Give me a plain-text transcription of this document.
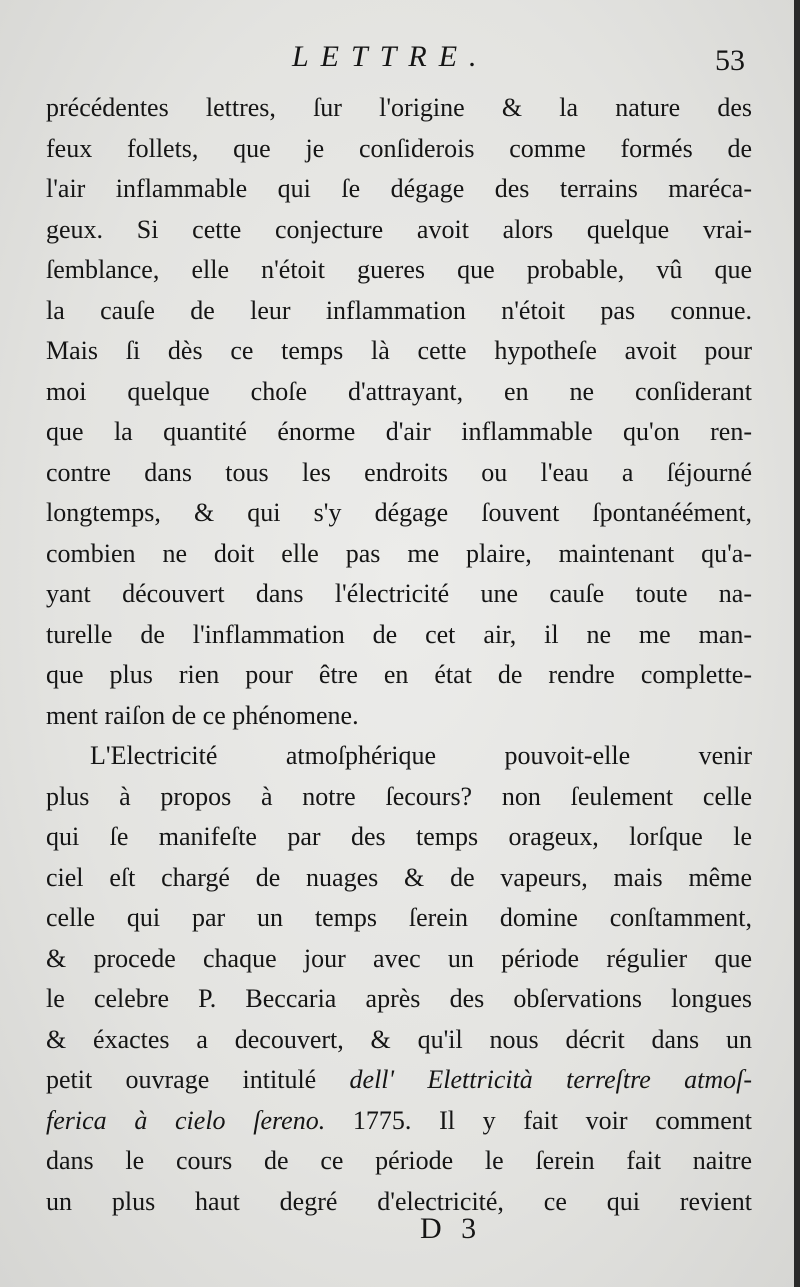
LETTRE.	53
précédentes lettres, ſur l'origine & la nature des
feux follets, que je conſiderois comme formés de
l'air inflammable qui ſe dégage des terrains maréca-
geux. Si cette conjecture avoit alors quelque vrai-
ſemblance, elle n'étoit gueres que probable, vû que
la cauſe de leur inflammation n'étoit pas connue.
Mais ſi dès ce temps là cette hypotheſe avoit pour
moi quelque choſe d'attrayant, en ne conſiderant
que la quantité énorme d'air inflammable qu'on ren-
contre dans tous les endroits ou l'eau a ſéjourné
longtemps, & qui s'y dégage ſouvent ſpontanéément,
combien ne doit elle pas me plaire, maintenant qu'a-
yant découvert dans l'électricité une cauſe toute na-
turelle de l'inflammation de cet air, il ne me man-
que plus rien pour être en état de rendre complette-
ment raiſon de ce phénomene.
L'Electricité atmoſphérique pouvoit-elle venir
plus à propos à notre ſecours? non ſeulement celle
qui ſe manifeſte par des temps orageux, lorſque le
ciel eſt chargé de nuages & de vapeurs, mais même
celle qui par un temps ſerein domine conſtamment,
& procede chaque jour avec un période régulier que
le celebre P. Beccaria après des obſervations longues
& éxactes a decouvert, & qu'il nous décrit dans un
petit ouvrage intitulé dell' Elettricità terreſtre atmoſ-
ferica à cielo ſereno. 1775. Il y fait voir comment
dans le cours de ce période le ſerein fait naitre
un plus haut degré d'electricité, ce qui revient
D 3
